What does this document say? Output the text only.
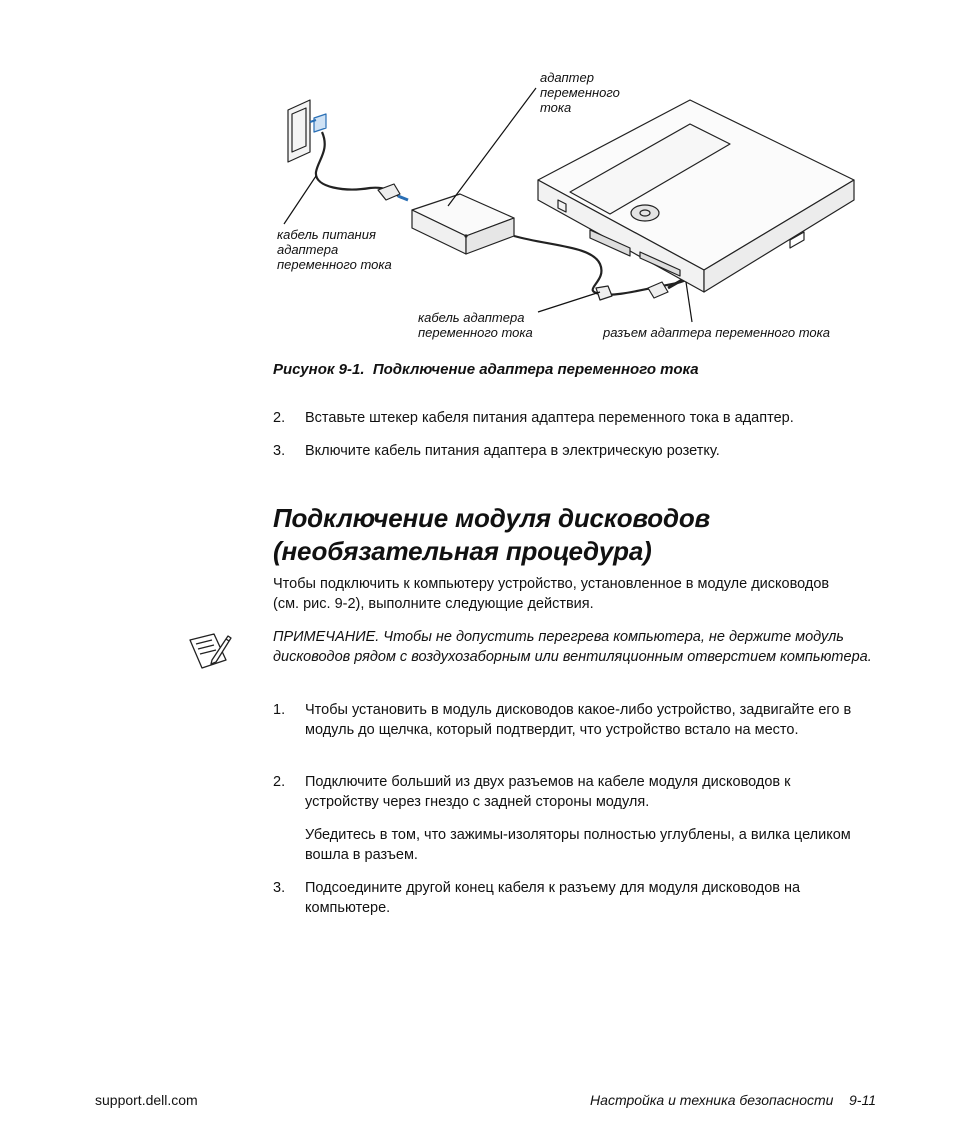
адаптер
переменного
тока
кабель питания
адаптера
переменного тока
кабель адаптера
переменного тока	разъем адаптера переменного тока
Рисунок 9-1.  Подключение адаптера переменного тока
2.	Вставьте штекер кабеля питания адаптера переменного тока в адаптер.
3.	Включите кабель питания адаптера в электрическую розетку.
Подключение модуля дисководов
(необязательная процедура)
Чтобы подключить к компьютеру устройство, установленное в модуле дисководов (см. рис. 9-2), выполните следующие действия.
ПРИМЕЧАНИЕ. Чтобы не допустить перегрева компьютера, не держите модуль дисководов рядом с воздухозаборным или вентиляционным отверстием компьютера.
1.	Чтобы установить в модуль дисководов какое-либо устройство, задвигайте его в модуль до щелчка, который подтвердит, что устройство встало на место.
2.	Подключите больший из двух разъемов на кабеле модуля дисководов к устройству через гнездо с задней стороны модуля.
Убедитесь в том, что зажимы-изоляторы полностью углублены, а вилка целиком вошла в разъем.
3.	Подсоедините другой конец кабеля к разъему для модуля дисководов на компьютере.
support.dell.com	Настройка и техника безопасности    9-11
